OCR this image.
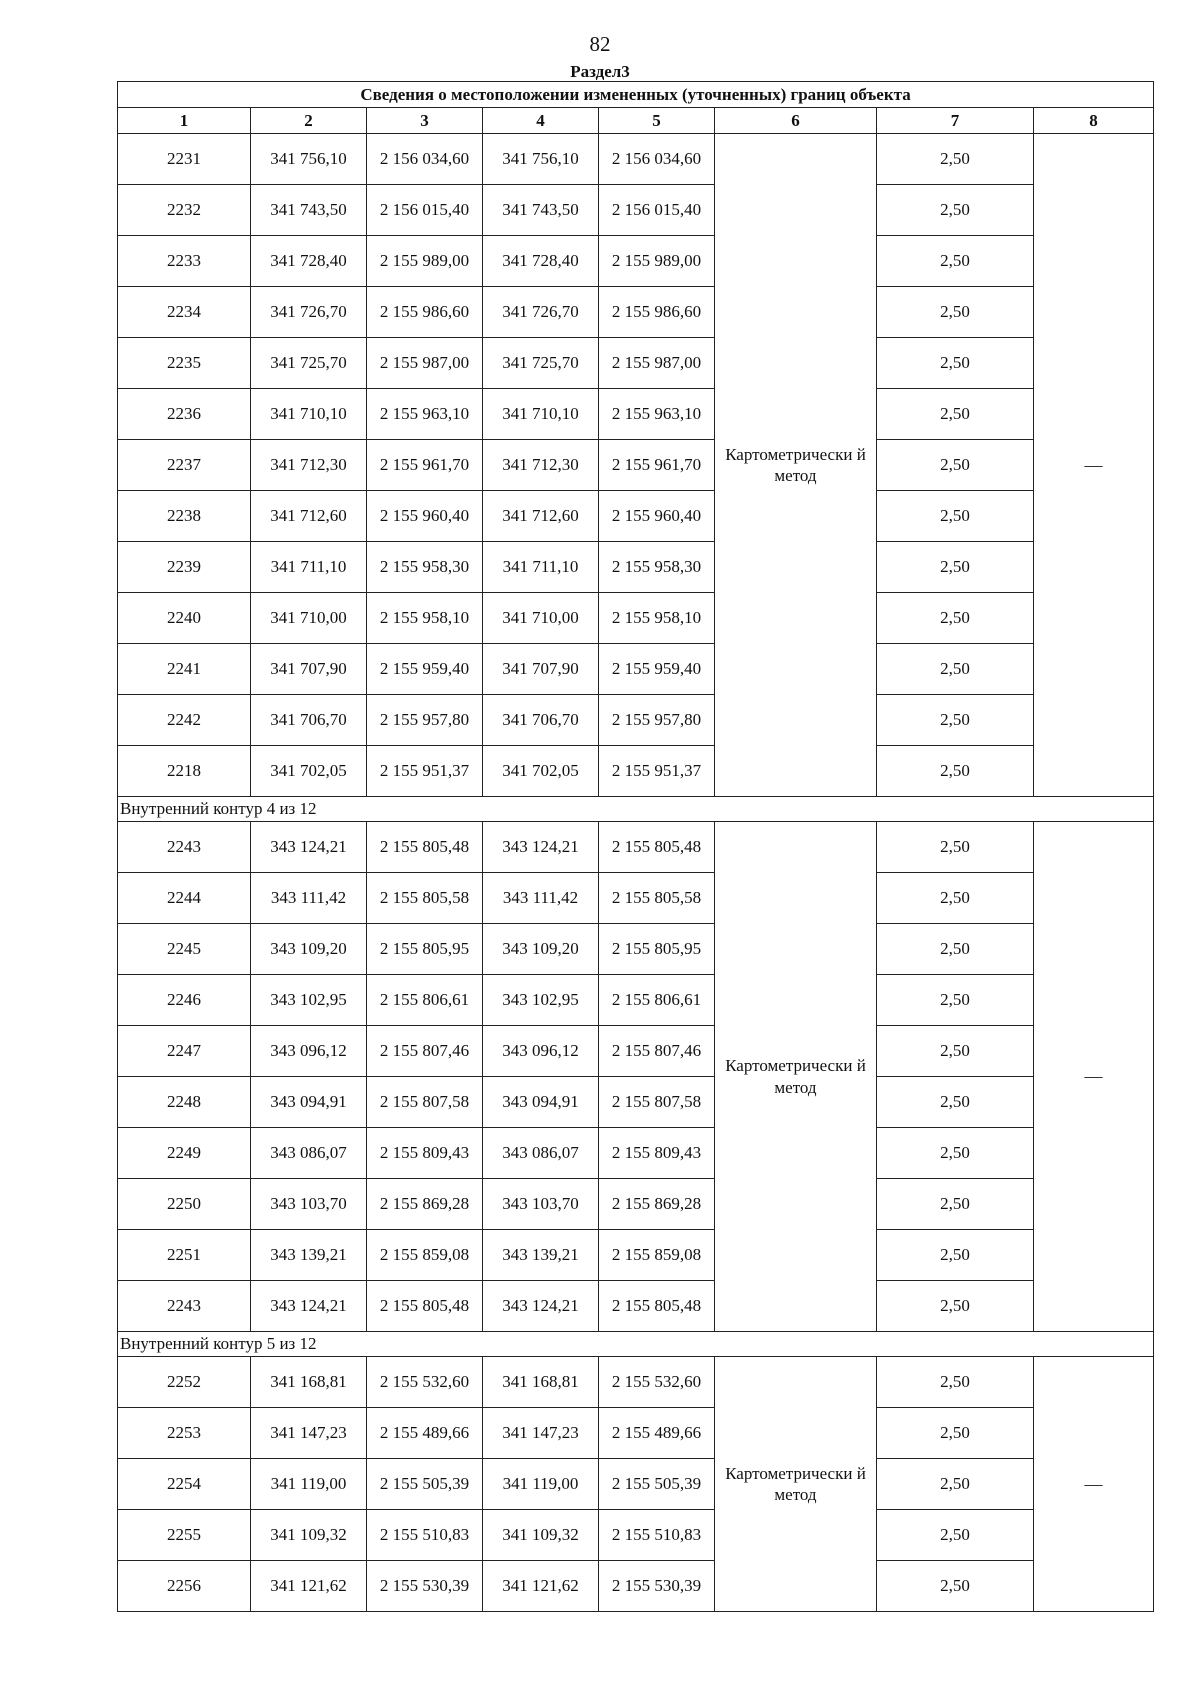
82
Раздел3
Сведения о местоположении измененных (уточненных) границ объекта							
1	2	3	4	5	6	7	8
2231	341 756,10	2 156 034,60	341 756,10	2 156 034,60	Картометрически й метод	2,50	—
2232	341 743,50	2 156 015,40	341 743,50	2 156 015,40		2,50	
2233	341 728,40	2 155 989,00	341 728,40	2 155 989,00		2,50	
2234	341 726,70	2 155 986,60	341 726,70	2 155 986,60		2,50	
2235	341 725,70	2 155 987,00	341 725,70	2 155 987,00		2,50	
2236	341 710,10	2 155 963,10	341 710,10	2 155 963,10		2,50	
2237	341 712,30	2 155 961,70	341 712,30	2 155 961,70		2,50	
2238	341 712,60	2 155 960,40	341 712,60	2 155 960,40		2,50	
2239	341 711,10	2 155 958,30	341 711,10	2 155 958,30		2,50	
2240	341 710,00	2 155 958,10	341 710,00	2 155 958,10		2,50	
2241	341 707,90	2 155 959,40	341 707,90	2 155 959,40		2,50	
2242	341 706,70	2 155 957,80	341 706,70	2 155 957,80		2,50	
2218	341 702,05	2 155 951,37	341 702,05	2 155 951,37		2,50	
Внутренний контур 4 из 12							
2243	343 124,21	2 155 805,48	343 124,21	2 155 805,48	Картометрически й метод	2,50	—
2244	343 111,42	2 155 805,58	343 111,42	2 155 805,58		2,50	
2245	343 109,20	2 155 805,95	343 109,20	2 155 805,95		2,50	
2246	343 102,95	2 155 806,61	343 102,95	2 155 806,61		2,50	
2247	343 096,12	2 155 807,46	343 096,12	2 155 807,46		2,50	
2248	343 094,91	2 155 807,58	343 094,91	2 155 807,58		2,50	
2249	343 086,07	2 155 809,43	343 086,07	2 155 809,43		2,50	
2250	343 103,70	2 155 869,28	343 103,70	2 155 869,28		2,50	
2251	343 139,21	2 155 859,08	343 139,21	2 155 859,08		2,50	
2243	343 124,21	2 155 805,48	343 124,21	2 155 805,48		2,50	
Внутренний контур 5 из 12							
2252	341 168,81	2 155 532,60	341 168,81	2 155 532,60	Картометрически й метод	2,50	—
2253	341 147,23	2 155 489,66	341 147,23	2 155 489,66		2,50	
2254	341 119,00	2 155 505,39	341 119,00	2 155 505,39		2,50	
2255	341 109,32	2 155 510,83	341 109,32	2 155 510,83		2,50	
2256	341 121,62	2 155 530,39	341 121,62	2 155 530,39		2,50	
